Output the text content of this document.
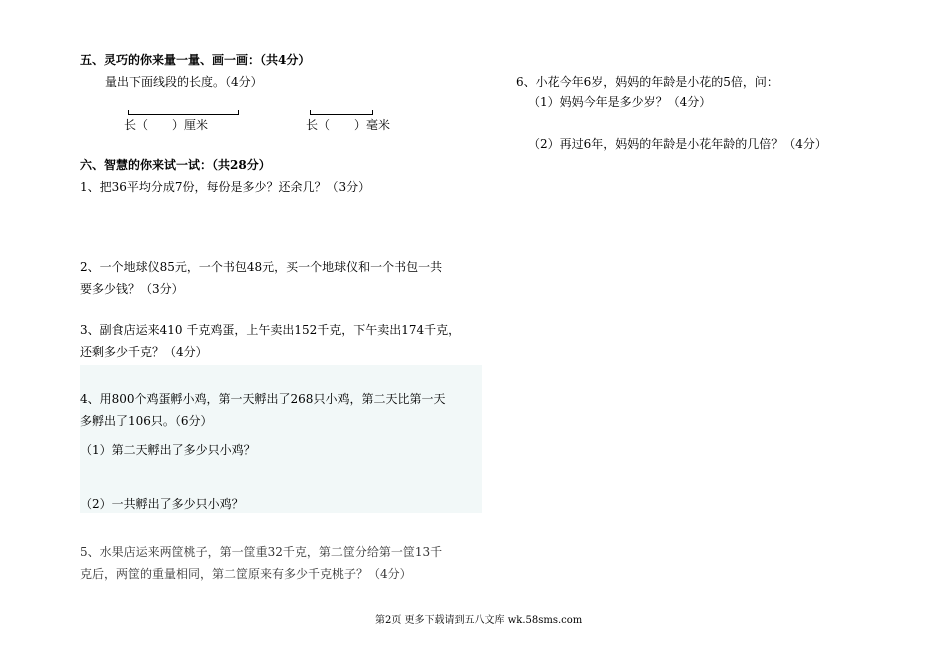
五、灵巧的你来量一量、画一画：（共4分）
量出下面线段的长度。（4分）
长（　　）厘米	长（　　）毫米
六、智慧的你来试一试：（共28分）
1、把36平均分成7份，每份是多少？还余几？（3分）
2、一个地球仪85元，一个书包48元，买一个地球仪和一个书包一共
要多少钱？（3分）
3、副食店运来410 千克鸡蛋，上午卖出152千克，下午卖出174千克，
还剩多少千克？（4分）
4、用800个鸡蛋孵小鸡，第一天孵出了268只小鸡，第二天比第一天
多孵出了106只。（6分）
（1）第二天孵出了多少只小鸡？
（2）一共孵出了多少只小鸡？
5、水果店运来两筐桃子，第一筐重32千克，第二筐分给第一筐13千
克后，两筐的重量相同，第二筐原来有多少千克桃子？（4分）
6、小花今年6岁，妈妈的年龄是小花的5倍，问：
（1）妈妈今年是多少岁？（4分）
（2）再过6年，妈妈的年龄是小花年龄的几倍？（4分）
第2页 更多下载请到五八文库 wk.58sms.com
